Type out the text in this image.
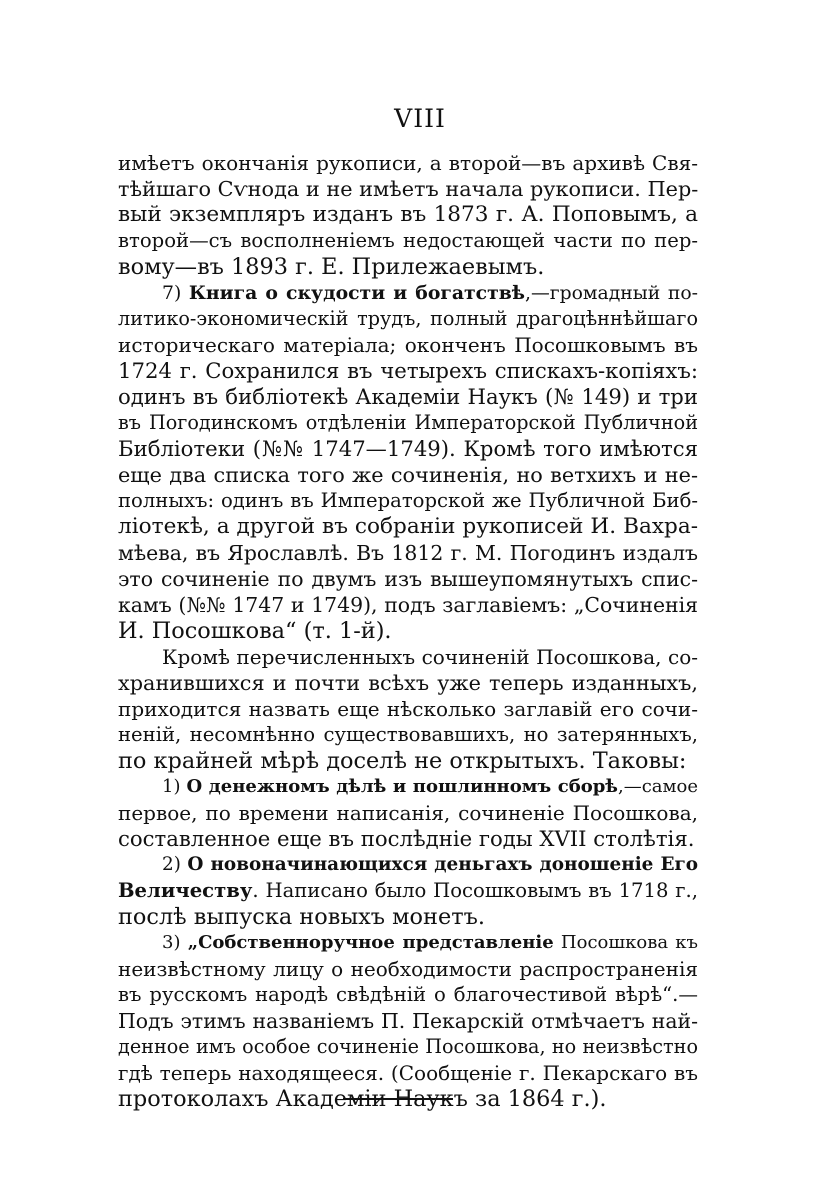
VIII
имѣетъ окончанія рукописи, а второй—въ архивѣ Свя-
тѣйшаго Сѵнода и не имѣетъ начала рукописи. Пер-
вый экземпляръ изданъ въ 1873 г. А. Поповымъ, а
второй—съ восполненіемъ недостающей части по пер-
вому—въ 1893 г. Е. Прилежаевымъ.
7) Книга о скудости и богатствѣ,—громадный по-
литико-экономическій трудъ, полный драгоцѣннѣйшаго
историческаго матеріала; оконченъ Посошковымъ въ
1724 г. Сохранился въ четырехъ спискахъ-копіяхъ:
одинъ въ библіотекѣ Академіи Наукъ (№ 149) и три
въ Погодинскомъ отдѣленіи Императорской Публичной
Библіотеки (№№ 1747—1749). Кромѣ того имѣются
еще два списка того же сочиненія, но ветхихъ и не-
полныхъ: одинъ въ Императорской же Публичной Биб-
ліотекѣ, а другой въ собраніи рукописей И. Вахра-
мѣева, въ Ярославлѣ. Въ 1812 г. М. Погодинъ издалъ
это сочиненіе по двумъ изъ вышеупомянутыхъ спис-
камъ (№№ 1747 и 1749), подъ заглавіемъ: „Сочиненія
И. Посошкова“ (т. 1-й).
Кромѣ перечисленныхъ сочиненій Посошкова, со-
хранившихся и почти всѣхъ уже теперь изданныхъ,
приходится назвать еще нѣсколько заглавій его сочи-
неній, несомнѣнно существовавшихъ, но затерянныхъ,
по крайней мѣрѣ доселѣ не открытыхъ. Таковы:
1) О денежномъ дѣлѣ и пошлинномъ сборѣ,—самое
первое, по времени написанія, сочиненіе Посошкова,
составленное еще въ послѣдніе годы XVII столѣтія.
2) О новоначинающихся деньгахъ доношеніе Его
Величеству. Написано было Посошковымъ въ 1718 г.,
послѣ выпуска новыхъ монетъ.
3) „Собственноручное представленіе Посошкова къ
неизвѣстному лицу о необходимости распространенія
въ русскомъ народѣ свѣдѣній о благочестивой вѣрѣ“.—
Подъ этимъ названіемъ П. Пекарскій отмѣчаетъ най-
денное имъ особое сочиненіе Посошкова, но неизвѣстно
гдѣ теперь находящееся. (Сообщеніе г. Пекарскаго въ
протоколахъ Академіи Наукъ за 1864 г.).
